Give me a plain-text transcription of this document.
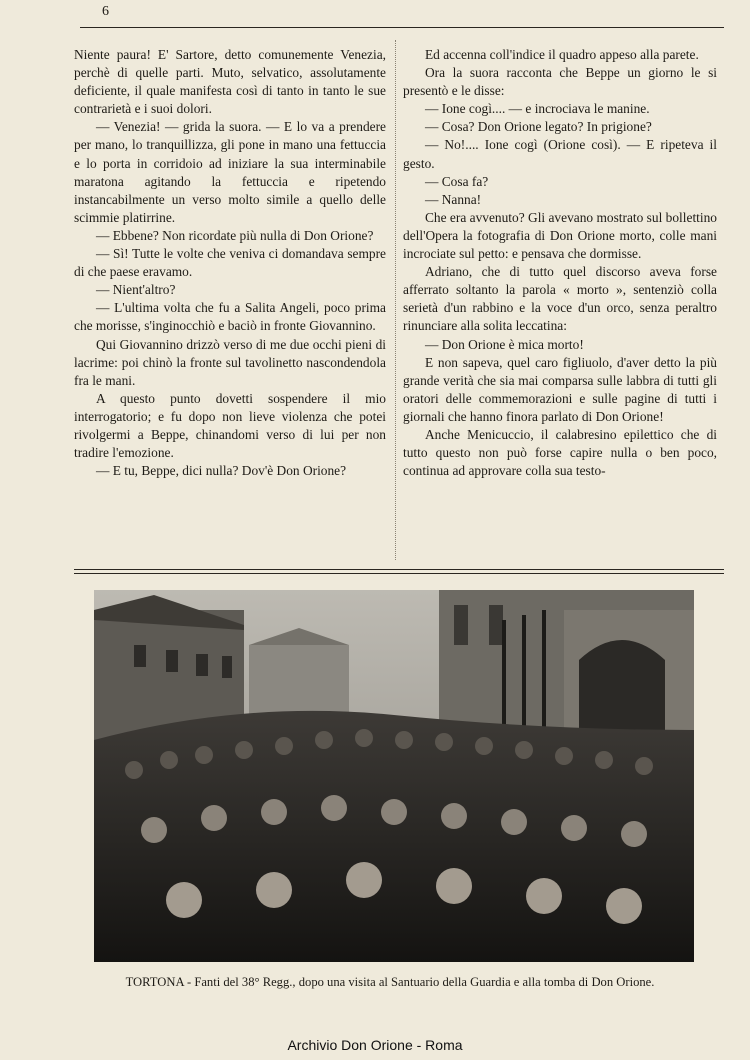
6

Niente paura! E' Sartore, detto comunemente Venezia, perchè di quelle parti. Muto, selvatico, assolutamente deficiente, il quale manifesta così di tanto in tanto le sue contrarietà e i suoi dolori.

— Venezia! — grida la suora. — E lo va a prendere per mano, lo tranquillizza, gli pone in mano una fettuccia e lo porta in corridoio ad iniziare la sua interminabile maratona agitando la fettuccia e ripetendo instancabilmente un verso molto simile a quello delle scimmie platirrine.

— Ebbene? Non ricordate più nulla di Don Orione?

— Sì! Tutte le volte che veniva ci domandava sempre di che paese eravamo.

— Nient'altro?

— L'ultima volta che fu a Salita Angeli, poco prima che morisse, s'inginocchiò e baciò in fronte Giovannino.

Qui Giovannino drizzò verso di me due occhi pieni di lacrime: poi chinò la fronte sul tavolinetto nascondendola fra le mani.

A questo punto dovetti sospendere il mio interrogatorio; e fu dopo non lieve violenza che potei rivolgermi a Beppe, chinandomi verso di lui per non tradire l'emozione.

— E tu, Beppe, dici nulla? Dov'è Don Orione?

Ed accenna coll'indice il quadro appeso alla parete.

Ora la suora racconta che Beppe un giorno le si presentò e le disse:

— Ione cogì.... — e incrociava le manine.

— Cosa? Don Orione legato? In prigione?

— No!.... Ione cogì (Orione così). — E ripeteva il gesto.

— Cosa fa?

— Nanna!

Che era avvenuto? Gli avevano mostrato sul bollettino dell'Opera la fotografia di Don Orione morto, colle mani incrociate sul petto: e pensava che dormisse.

Adriano, che di tutto quel discorso aveva forse afferrato soltanto la parola « morto », sentenziò colla serietà d'un rabbino e la voce d'un orco, senza peraltro rinunciare alla solita leccatina:

— Don Orione è mica morto!

E non sapeva, quel caro figliuolo, d'aver detto la più grande verità che sia mai comparsa sulle labbra di tutti gli oratori delle commemorazioni e sulle pagine di tutti i giornali che hanno finora parlato di Don Orione!

Anche Menicuccio, il calabresino epilettico che di tutto questo non può forse capire nulla o ben poco, continua ad approvare colla sua testo-

TORTONA - Fanti del 38° Regg., dopo una visita al Santuario della Guardia e alla tomba di Don Orione.
Archivio Don Orione - Roma
